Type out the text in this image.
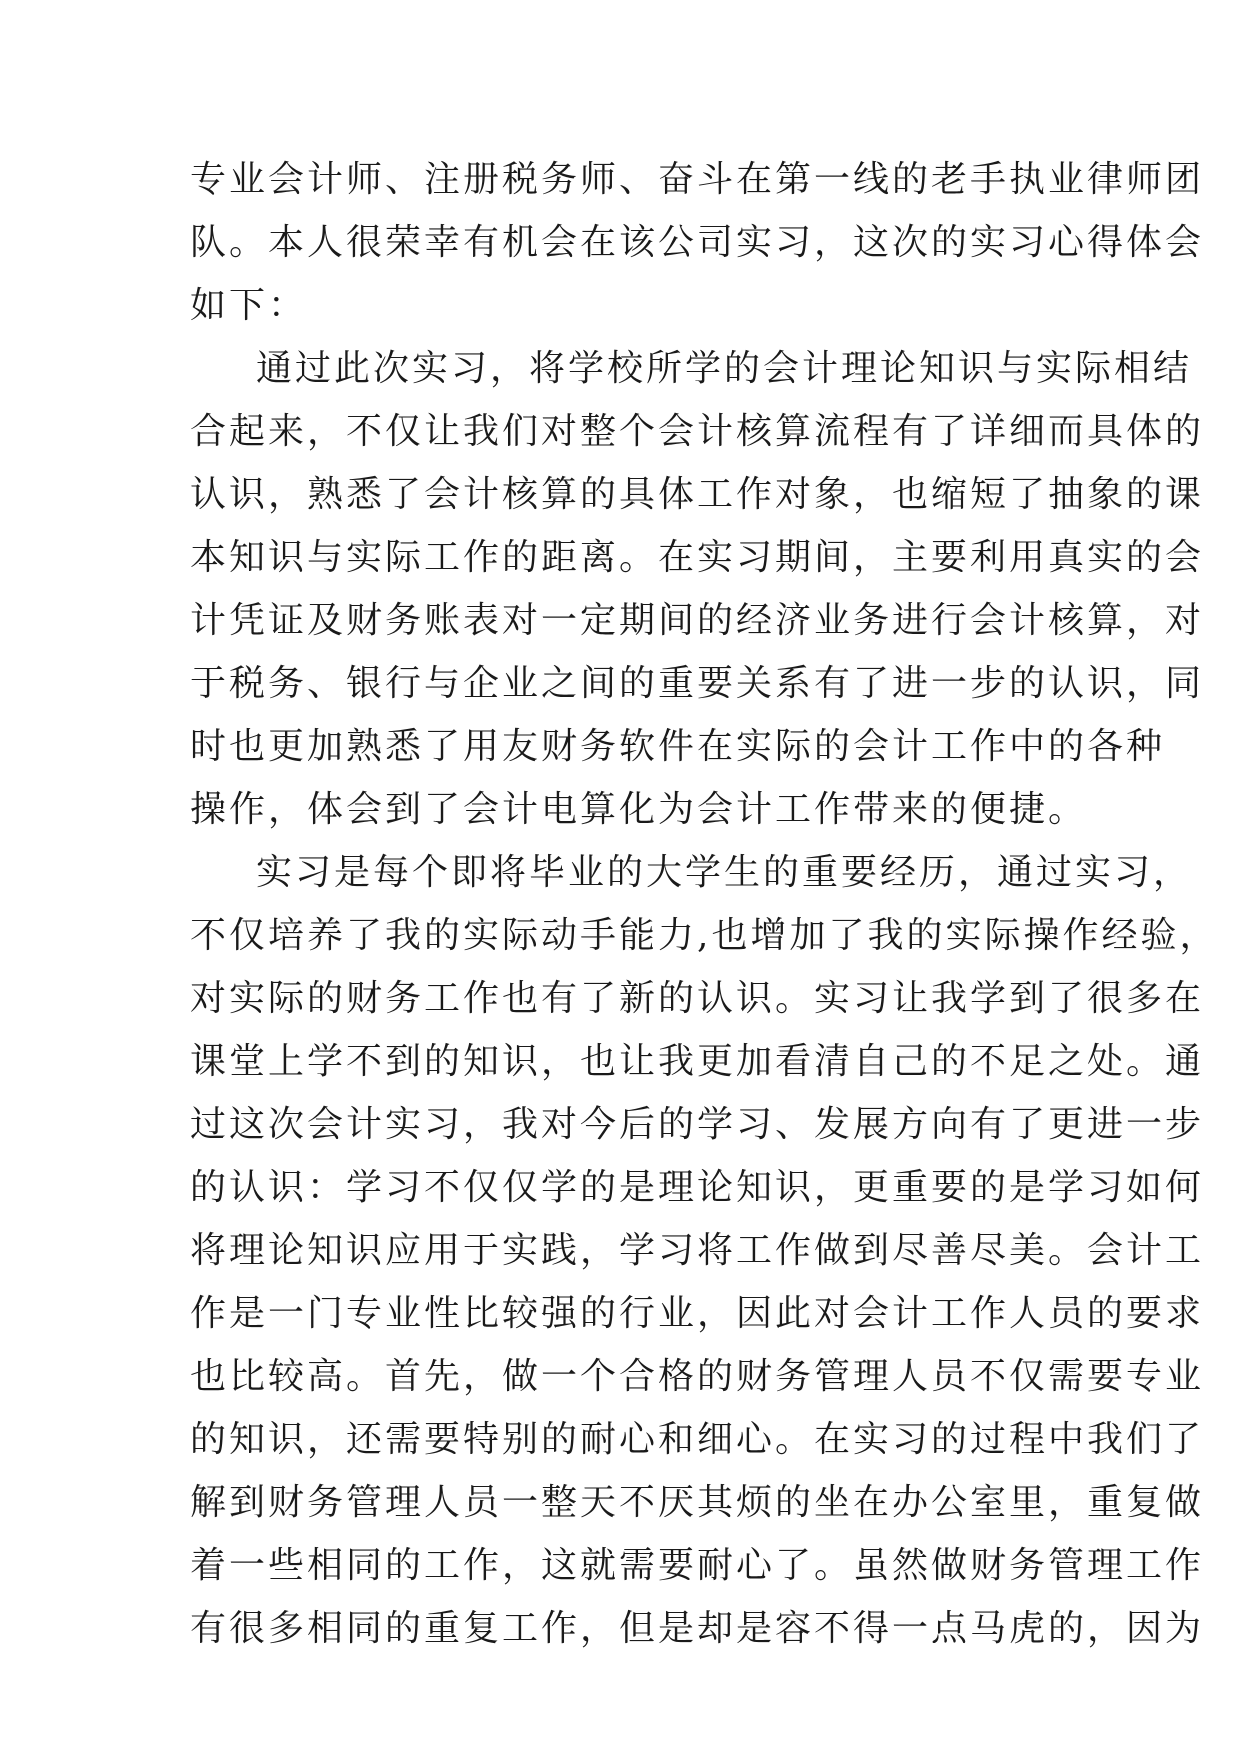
专业会计师、注册税务师、奋斗在第一线的老手执业律师团
队。本人很荣幸有机会在该公司实习，这次的实习心得体会
如下：
通过此次实习，将学校所学的会计理论知识与实际相结
合起来，不仅让我们对整个会计核算流程有了详细而具体的
认识，熟悉了会计核算的具体工作对象，也缩短了抽象的课
本知识与实际工作的距离。在实习期间，主要利用真实的会
计凭证及财务账表对一定期间的经济业务进行会计核算，对
于税务、银行与企业之间的重要关系有了进一步的认识，同
时也更加熟悉了用友财务软件在实际的会计工作中的各种
操作，体会到了会计电算化为会计工作带来的便捷。
实习是每个即将毕业的大学生的重要经历，通过实习，
不仅培养了我的实际动手能力,也增加了我的实际操作经验，
对实际的财务工作也有了新的认识。实习让我学到了很多在
课堂上学不到的知识，也让我更加看清自己的不足之处。通
过这次会计实习，我对今后的学习、发展方向有了更进一步
的认识：学习不仅仅学的是理论知识，更重要的是学习如何
将理论知识应用于实践，学习将工作做到尽善尽美。会计工
作是一门专业性比较强的行业，因此对会计工作人员的要求
也比较高。首先，做一个合格的财务管理人员不仅需要专业
的知识，还需要特别的耐心和细心。在实习的过程中我们了
解到财务管理人员一整天不厌其烦的坐在办公室里，重复做
着一些相同的工作，这就需要耐心了。虽然做财务管理工作
有很多相同的重复工作，但是却是容不得一点马虎的，因为
